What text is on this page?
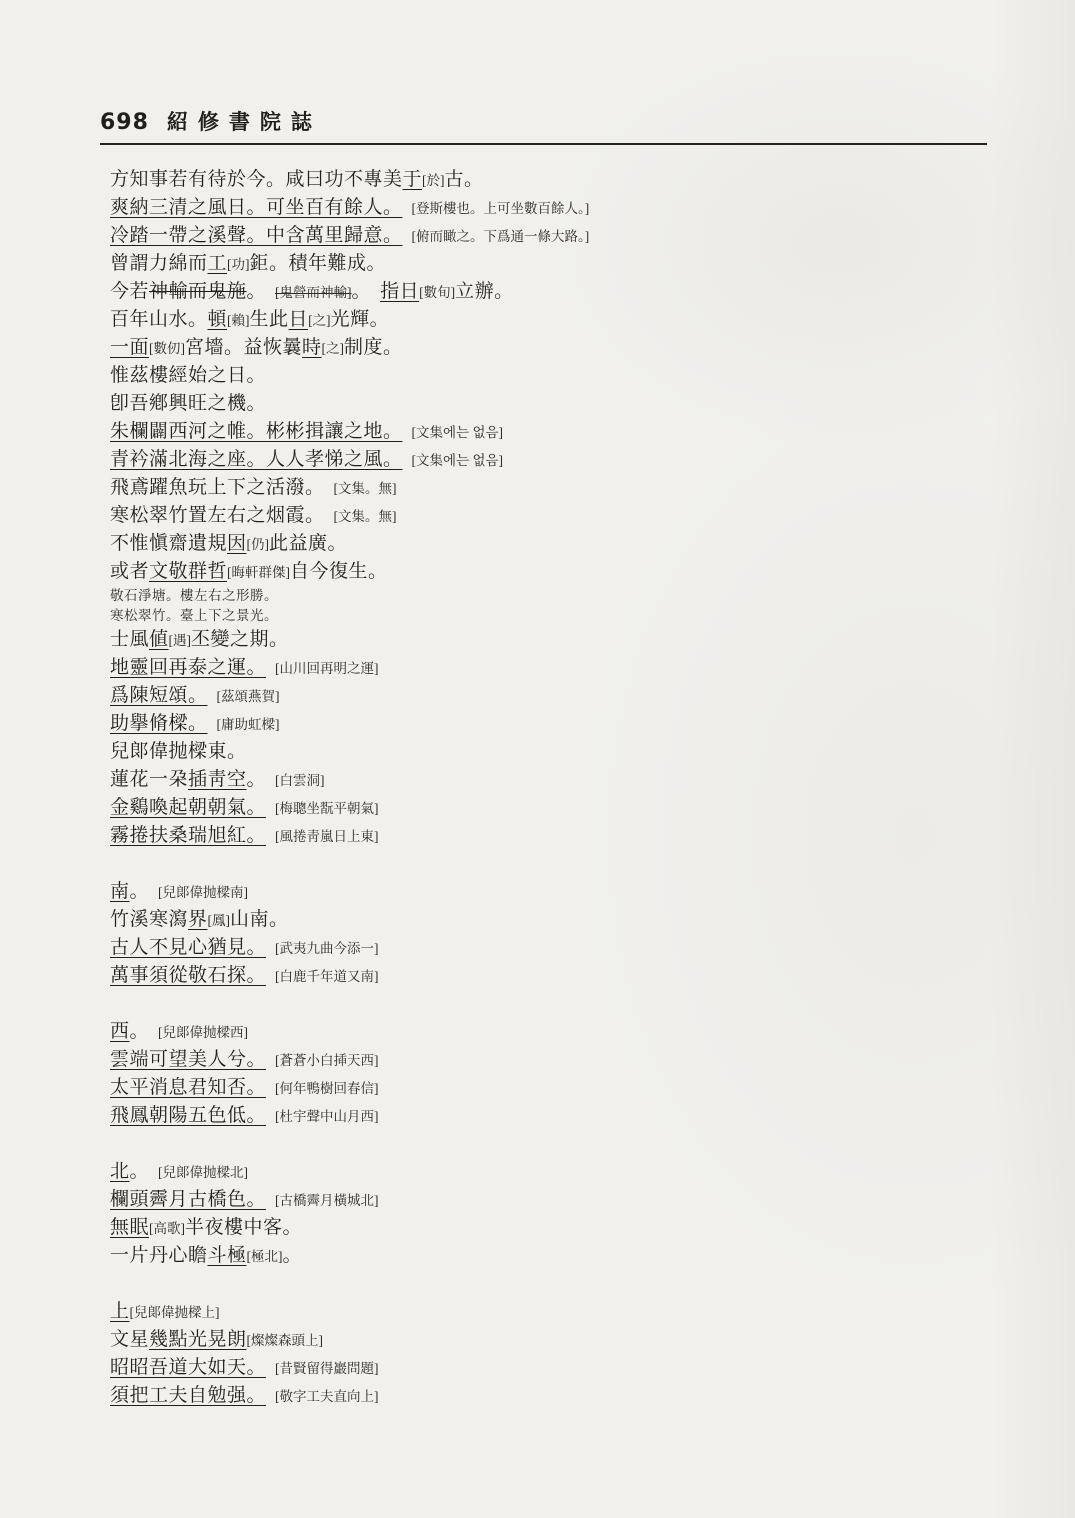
698 紹修書院誌
方知事若有待於今。咸曰功不專美于[於]古。
爽納三清之風日。可坐百有餘人。 [登斯樓也。上可坐數百餘人。]
冷踏一帶之溪聲。中含萬里歸意。 [俯而瞰之。下爲通一條大路。]
曾謂力綿而工[功]鉅。積年難成。
今若神輸而鬼施。 [鬼營而神輸]。 指日[數旬]立辦。
百年山水。頓[賴]生此日[之]光輝。
一面[數仞]宮墻。益恢曩時[之]制度。
惟茲樓經始之日。
卽吾鄕興旺之機。
朱欄闢西河之帷。彬彬揖讓之地。 [文集에는 없음]
青衿滿北海之座。人人孝悌之風。 [文集에는 없음]
飛鳶躍魚玩上下之活潑。 [文集。無]
寒松翠竹置左右之烟霞。 [文集。無]
不惟愼齋遺規因[仍]此益廣。
或者文敬群哲[晦軒群傑]自今復生。
敬石淨塘。樓左右之形勝。
寒松翠竹。臺上下之景光。
士風値[遇]丕變之期。
地靈回再泰之運。 [山川回再明之運]
爲陳短頌。 [茲頌燕賀]
助擧脩樑。 [庸助虹樑]
兒郞偉抛樑東。
蓮花一朶插靑空。 [白雲洞]
金鷄喚起朝朝氣。 [梅聰坐翫平朝氣]
霧捲扶桑瑞旭紅。 [風捲靑嵐日上東]
南。 [兒郞偉抛樑南]
竹溪寒瀉界[鳳]山南。
古人不見心猶見。 [武夷九曲今添一]
萬事須從敬石探。 [白鹿千年道又南]
西。 [兒郞偉抛樑西]
雲端可望美人兮。 [蒼蒼小白揷天西]
太平消息君知否。 [何年鴨樹回春信]
飛鳳朝陽五色低。 [杜宇聲中山月西]
北。 [兒郞偉抛樑北]
欄頭霽月古橋色。 [古橋霽月橫城北]
無眠[高歌]半夜樓中客。
一片丹心瞻斗極[極北]。
上[兒郞偉抛樑上]
文星幾點光晃朗[燦燦森頭上]
昭昭吾道大如天。 [昔賢留得巖問題]
須把工夫自勉强。 [敬字工夫直向上]
